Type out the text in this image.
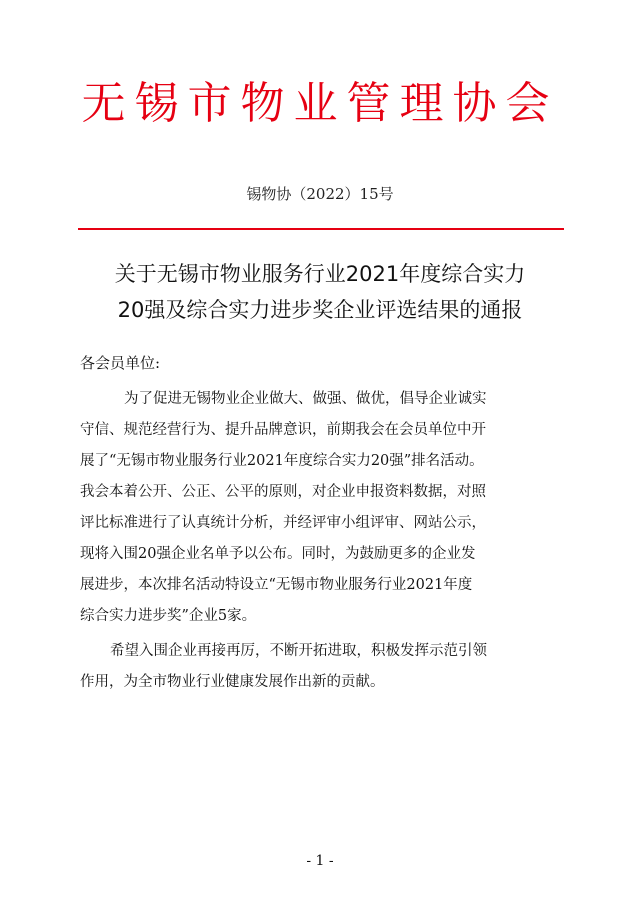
无锡市物业管理协会
锡物协（2022）15号
关于无锡市物业服务行业2021年度综合实力
20强及综合实力进步奖企业评选结果的通报
各会员单位:

为了促进无锡物业企业做大、做强、做优，倡导企业诚实
守信、规范经营行为、提升品牌意识，前期我会在会员单位中开
展了“无锡市物业服务行业2021年度综合实力20强”排名活动。
我会本着公开、公正、公平的原则，对企业申报资料数据，对照
评比标准进行了认真统计分析，并经评审小组评审、网站公示，
现将入围20强企业名单予以公布。同时，为鼓励更多的企业发
展进步，本次排名活动特设立“无锡市物业服务行业2021年度
综合实力进步奖”企业5家。

希望入围企业再接再厉，不断开拓进取，积极发挥示范引领
作用，为全市物业行业健康发展作出新的贡献。

- 1 -
